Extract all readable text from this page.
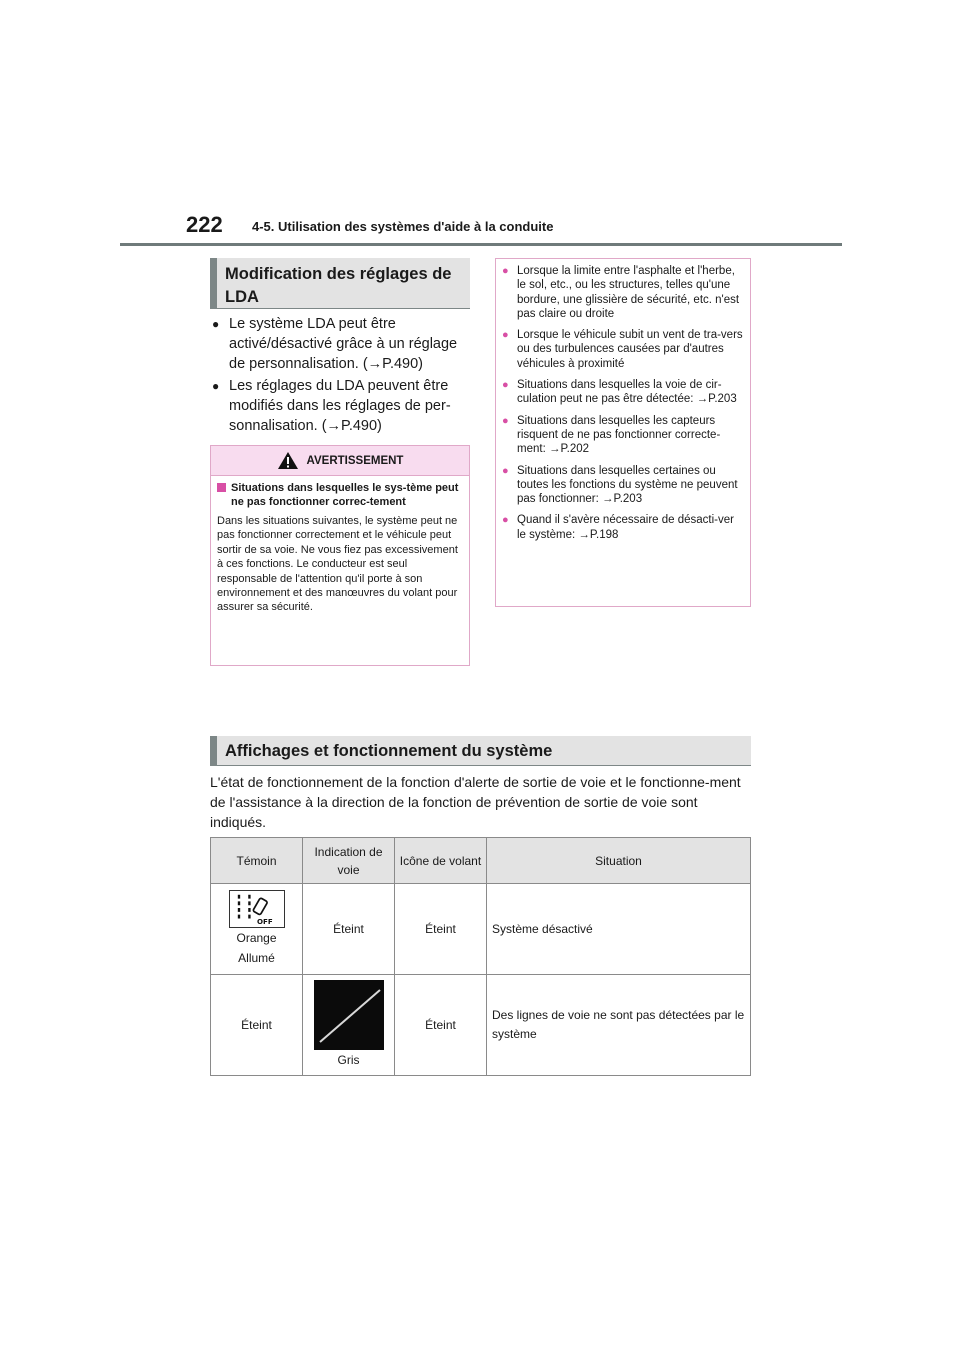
222 4-5. Utilisation des systèmes d'aide à la conduite
Modification des réglages de LDA
● Le système LDA peut être activé/désactivé grâce à un réglage de personnalisation. (→P.490)
● Les réglages du LDA peuvent être modifiés dans les réglages de per-sonnalisation. (→P.490)
AVERTISSEMENT
Situations dans lesquelles le sys-tème peut ne pas fonctionner correc-tement

Dans les situations suivantes, le système peut ne pas fonctionner correctement et le véhicule peut sortir de sa voie. Ne vous fiez pas excessivement à ces fonctions. Le conducteur est seul responsable de l'attention qu'il porte à son environnement et des manœuvres du volant pour assurer sa sécurité.

● Lorsque la limite entre l'asphalte et l'herbe, le sol, etc., ou les structures, telles qu'une bordure, une glissière de sécurité, etc. n'est pas claire ou droite
● Lorsque le véhicule subit un vent de tra-vers ou des turbulences causées par d'autres véhicules à proximité
● Situations dans lesquelles la voie de cir-culation peut ne pas être détectée: →P.203
● Situations dans lesquelles les capteurs risquent de ne pas fonctionner correcte-ment: →P.202
● Situations dans lesquelles certaines ou toutes les fonctions du système ne peuvent pas fonctionner: →P.203
● Quand il s'avère nécessaire de désacti-ver le système: →P.198
Affichages et fonctionnement du système

L'état de fonctionnement de la fonction d'alerte de sortie de voie et le fonctionne-ment de l'assistance à la direction de la fonction de prévention de sortie de voie sont indiqués.

Témoin	Indication de voie	Icône de volant	Situation

OFF
Orange
Allumé	Éteint	Éteint	Système désactivé
Éteint	Gris	Éteint	Des lignes de voie ne sont pas détectées par le système
